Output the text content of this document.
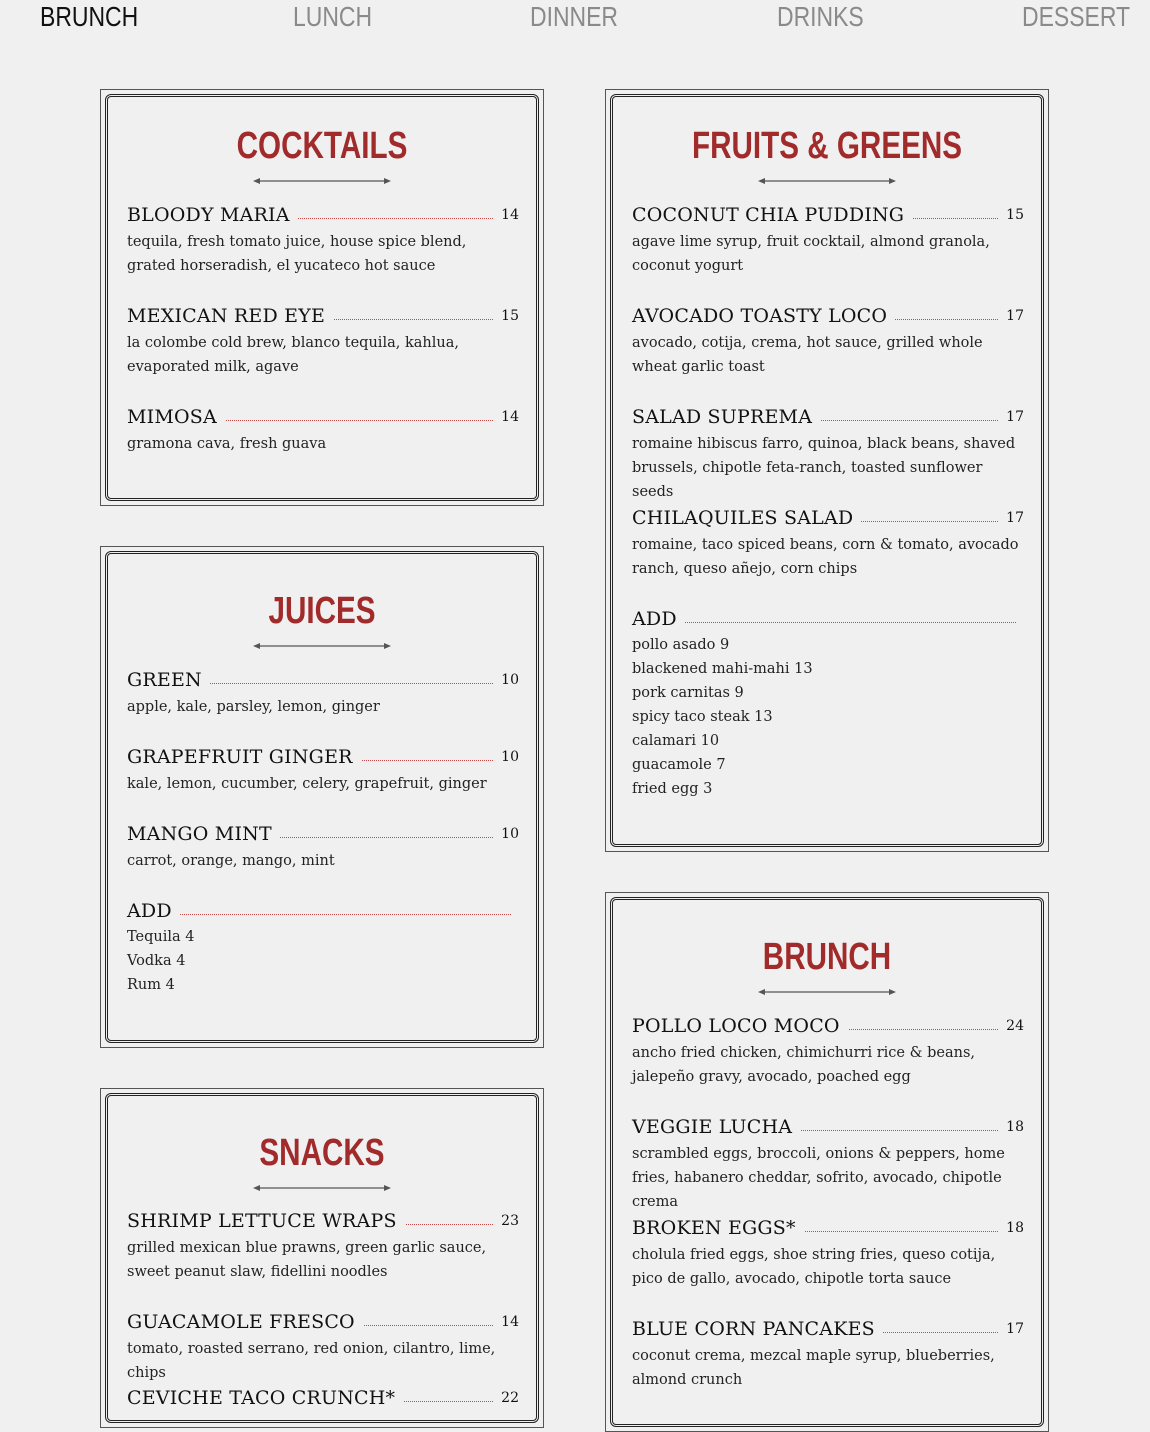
BRUNCH	LUNCH	DINNER	DRINKS	DESSERT
COCKTAILS
BLOODY MARIA	14
tequila, fresh tomato juice, house spice blend, grated horseradish, el yucateco hot sauce
MEXICAN RED EYE	15
la colombe cold brew, blanco tequila, kahlua, evaporated milk, agave
MIMOSA	14
gramona cava, fresh guava
JUICES
GREEN	10
apple, kale, parsley, lemon, ginger
GRAPEFRUIT GINGER	10
kale, lemon, cucumber, celery, grapefruit, ginger
MANGO MINT	10
carrot, orange, mango, mint
ADD
Tequila 4
Vodka 4
Rum 4
SNACKS
SHRIMP LETTUCE WRAPS	23
grilled mexican blue prawns, green garlic sauce, sweet peanut slaw, fidellini noodles
GUACAMOLE FRESCO	14
tomato, roasted serrano, red onion, cilantro, lime, chips
CEVICHE TACO CRUNCH*	22
FRUITS & GREENS
COCONUT CHIA PUDDING	15
agave lime syrup, fruit cocktail, almond granola, coconut yogurt
AVOCADO TOASTY LOCO	17
avocado, cotija, crema, hot sauce, grilled whole wheat garlic toast
SALAD SUPREMA	17
romaine hibiscus farro, quinoa, black beans, shaved brussels, chipotle feta-ranch, toasted sunflower seeds
CHILAQUILES SALAD	17
romaine, taco spiced beans, corn & tomato, avocado ranch, queso añejo, corn chips
ADD
pollo asado 9
blackened mahi-mahi 13
pork carnitas 9
spicy taco steak 13
calamari 10
guacamole 7
fried egg 3
BRUNCH
POLLO LOCO MOCO	24
ancho fried chicken, chimichurri rice & beans, jalepeño gravy, avocado, poached egg
VEGGIE LUCHA	18
scrambled eggs, broccoli, onions & peppers, home fries, habanero cheddar, sofrito, avocado, chipotle crema
BROKEN EGGS*	18
cholula fried eggs, shoe string fries, queso cotija, pico de gallo, avocado, chipotle torta sauce
BLUE CORN PANCAKES	17
coconut crema, mezcal maple syrup, blueberries, almond crunch
